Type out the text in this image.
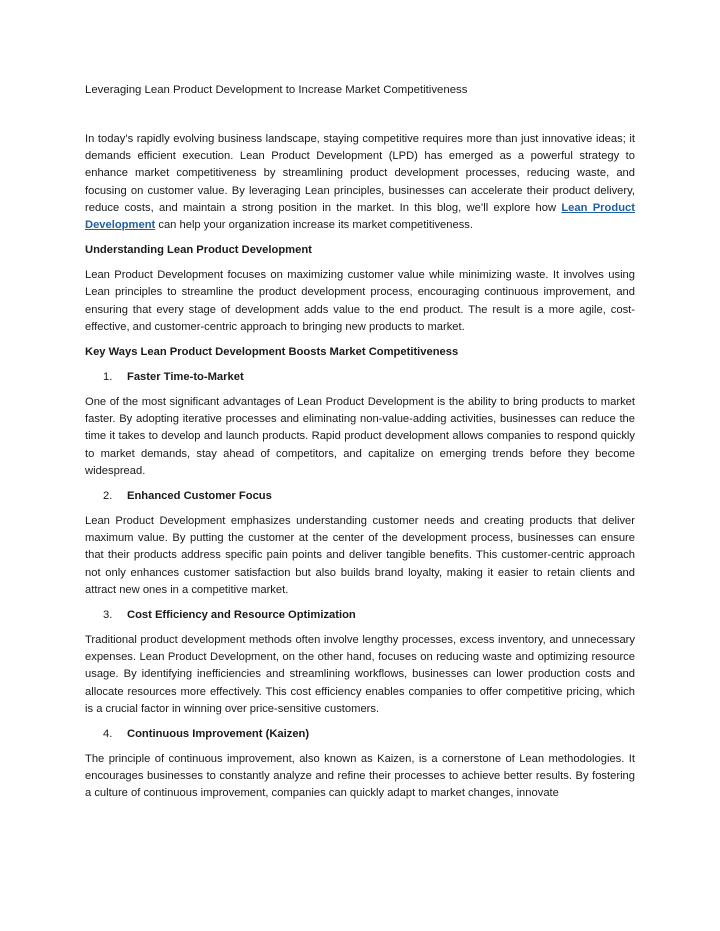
Leveraging Lean Product Development to Increase Market Competitiveness

In today’s rapidly evolving business landscape, staying competitive requires more than just innovative ideas; it demands efficient execution. Lean Product Development (LPD) has emerged as a powerful strategy to enhance market competitiveness by streamlining product development processes, reducing waste, and focusing on customer value. By leveraging Lean principles, businesses can accelerate their product delivery, reduce costs, and maintain a strong position in the market. In this blog, we’ll explore how Lean Product Development can help your organization increase its market competitiveness.

Understanding Lean Product Development

Lean Product Development focuses on maximizing customer value while minimizing waste. It involves using Lean principles to streamline the product development process, encouraging continuous improvement, and ensuring that every stage of development adds value to the end product. The result is a more agile, cost-effective, and customer-centric approach to bringing new products to market.

Key Ways Lean Product Development Boosts Market Competitiveness
1.	Faster Time-to-Market

One of the most significant advantages of Lean Product Development is the ability to bring products to market faster. By adopting iterative processes and eliminating non-value-adding activities, businesses can reduce the time it takes to develop and launch products. Rapid product development allows companies to respond quickly to market demands, stay ahead of competitors, and capitalize on emerging trends before they become widespread.

2.	Enhanced Customer Focus

Lean Product Development emphasizes understanding customer needs and creating products that deliver maximum value. By putting the customer at the center of the development process, businesses can ensure that their products address specific pain points and deliver tangible benefits. This customer-centric approach not only enhances customer satisfaction but also builds brand loyalty, making it easier to retain clients and attract new ones in a competitive market.

3.	Cost Efficiency and Resource Optimization

Traditional product development methods often involve lengthy processes, excess inventory, and unnecessary expenses. Lean Product Development, on the other hand, focuses on reducing waste and optimizing resource usage. By identifying inefficiencies and streamlining workflows, businesses can lower production costs and allocate resources more effectively. This cost efficiency enables companies to offer competitive pricing, which is a crucial factor in winning over price-sensitive customers.

4.	Continuous Improvement (Kaizen)

The principle of continuous improvement, also known as Kaizen, is a cornerstone of Lean methodologies. It encourages businesses to constantly analyze and refine their processes to achieve better results. By fostering a culture of continuous improvement, companies can quickly adapt to market changes, innovate
